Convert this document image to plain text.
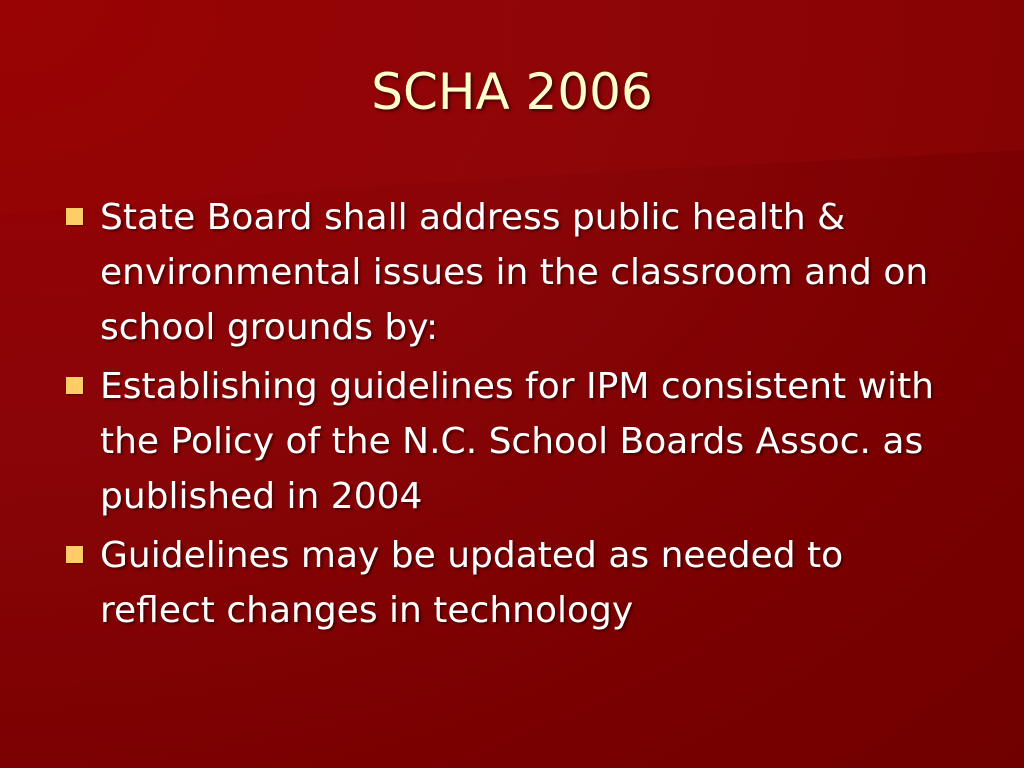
SCHA 2006
State Board shall address public health & environmental issues in the classroom and on school grounds by:
Establishing guidelines for IPM consistent with the Policy of the N.C. School Boards Assoc. as published in 2004
Guidelines may be updated as needed to reflect changes in technology
